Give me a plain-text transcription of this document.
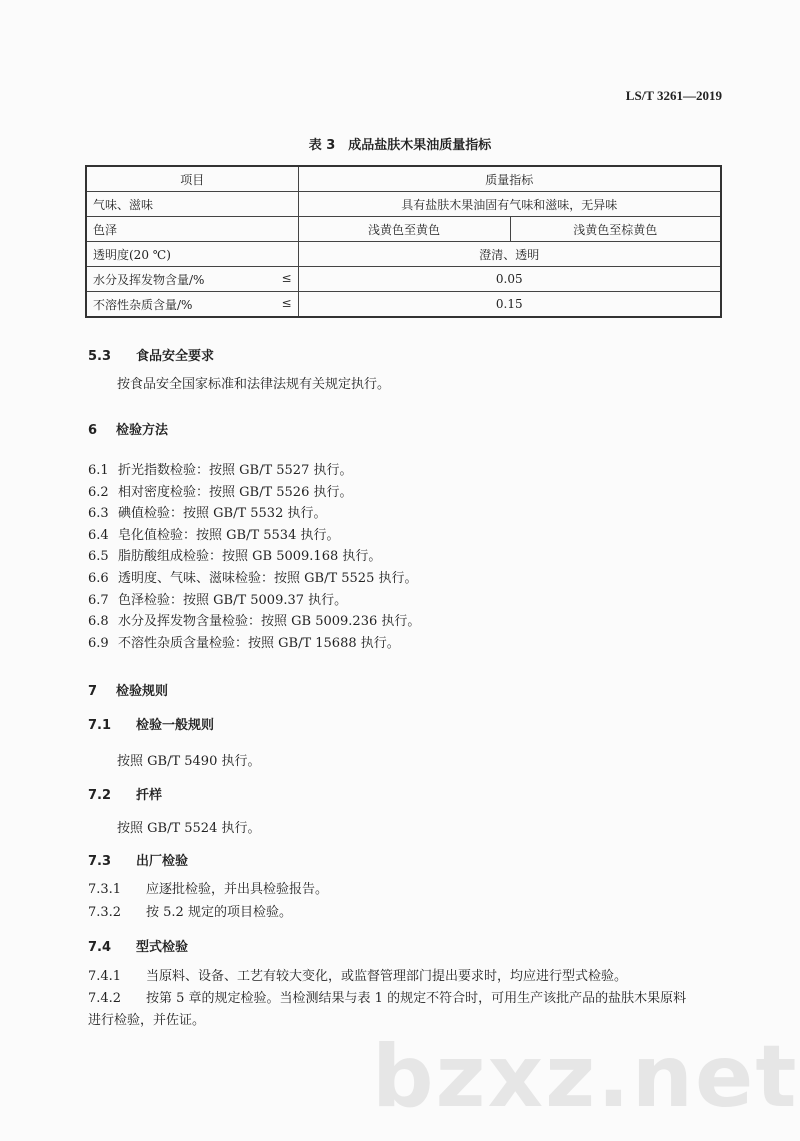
LS/T 3261—2019
表 3　成品盐肤木果油质量指标
项目	质量指标	
气味、滋味	具有盐肤木果油固有气味和滋味，无异味	
色泽	浅黄色至黄色	浅黄色至棕黄色
透明度(20 ℃)	澄清、透明	
水分及挥发物含量/% ≤	0.05	
不溶性杂质含量/% ≤	0.15	
5.3 食品安全要求
按食品安全国家标准和法律法规有关规定执行。
6 检验方法
6.1 折光指数检验：按照 GB/T 5527 执行。
6.2 相对密度检验：按照 GB/T 5526 执行。
6.3 碘值检验：按照 GB/T 5532 执行。
6.4 皂化值检验：按照 GB/T 5534 执行。
6.5 脂肪酸组成检验：按照 GB 5009.168 执行。
6.6 透明度、气味、滋味检验：按照 GB/T 5525 执行。
6.7 色泽检验：按照 GB/T 5009.37 执行。
6.8 水分及挥发物含量检验：按照 GB 5009.236 执行。
6.9 不溶性杂质含量检验：按照 GB/T 15688 执行。
7 检验规则
7.1 检验一般规则
按照 GB/T 5490 执行。
7.2 扦样
按照 GB/T 5524 执行。
7.3 出厂检验
7.3.1 应逐批检验，并出具检验报告。
7.3.2 按 5.2 规定的项目检验。
7.4 型式检验
7.4.1 当原料、设备、工艺有较大变化，或监督管理部门提出要求时，均应进行型式检验。
7.4.2 按第 5 章的规定检验。当检测结果与表 1 的规定不符合时，可用生产该批产品的盐肤木果原料
进行检验，并佐证。
bzxz.net
